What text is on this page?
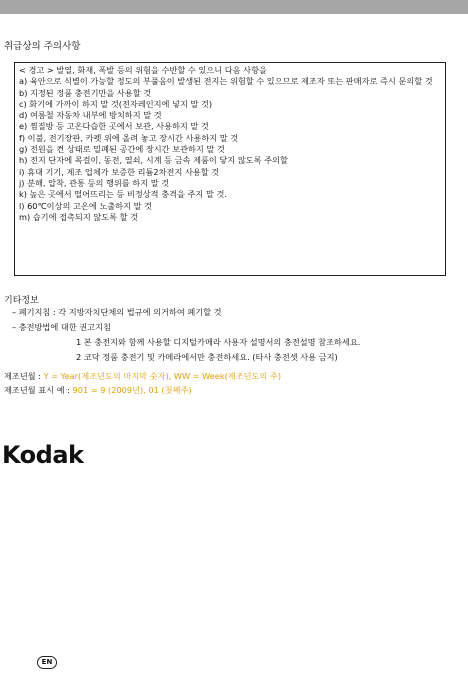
취급상의 주의사항
< 경고 > 발열, 화재, 폭발 등의 위험을 수반할 수 있으니 다음 사항을
a) 육안으로 식별이 가능할 정도의 부풀음이 발생된 전지는 위험할 수 있으므로 제조자 또는 판매자로 즉시 문의할 것
b) 지정된 정품 충전기만을 사용할 것
c) 화기에 가까이 하지 말 것(전자레인지에 넣지 말 것)
d) 여름철 자동차 내부에 방치하지 말 것
e) 찜질방 등 고온다습한 곳에서 보관, 사용하지 말 것
f) 이불, 전기장판, 카펫 위에 올려 놓고 장시간 사용하지 말 것
g) 전원을 켠 상태로 밀폐된 공간에 장시간 보관하지 말 것
h) 전지 단자에 목걸이, 동전, 열쇠, 시계 등 금속 제품이 닿지 않도록 주의할
i) 휴대 기기, 제조 업체가 보증한 리튬2차전지 사용할 것
j) 분해, 압착, 관통 등의 행위를 하지 말 것
k) 높은 곳에서 떨어뜨리는 등 비정상적 충격을 주지 말 것.
l) 60℃이상의 고온에 노출하지 말 것
m) 습기에 접촉되지 않도록 할 것
기타정보
– 폐기지침 : 각 지방자치단체의 법규에 의거하여 폐기할 것
– 충전방법에 대한 권고지침
1 본 충전지와 함께 사용할 디지털카메라 사용자 설명서의 충전설명 참조하세요.
2 코닥 정품 충전기 및 카메라에서만 충전하세요. (타사 충전셋 사용 금지)
제조년월 : Y = Year(제조년도의 마지막 숫자), WW = Week(제조년도의 주)
제조년월 표시 예 : 901 = 9 (2009년), 01 (첫째주)
Kodak
EN
